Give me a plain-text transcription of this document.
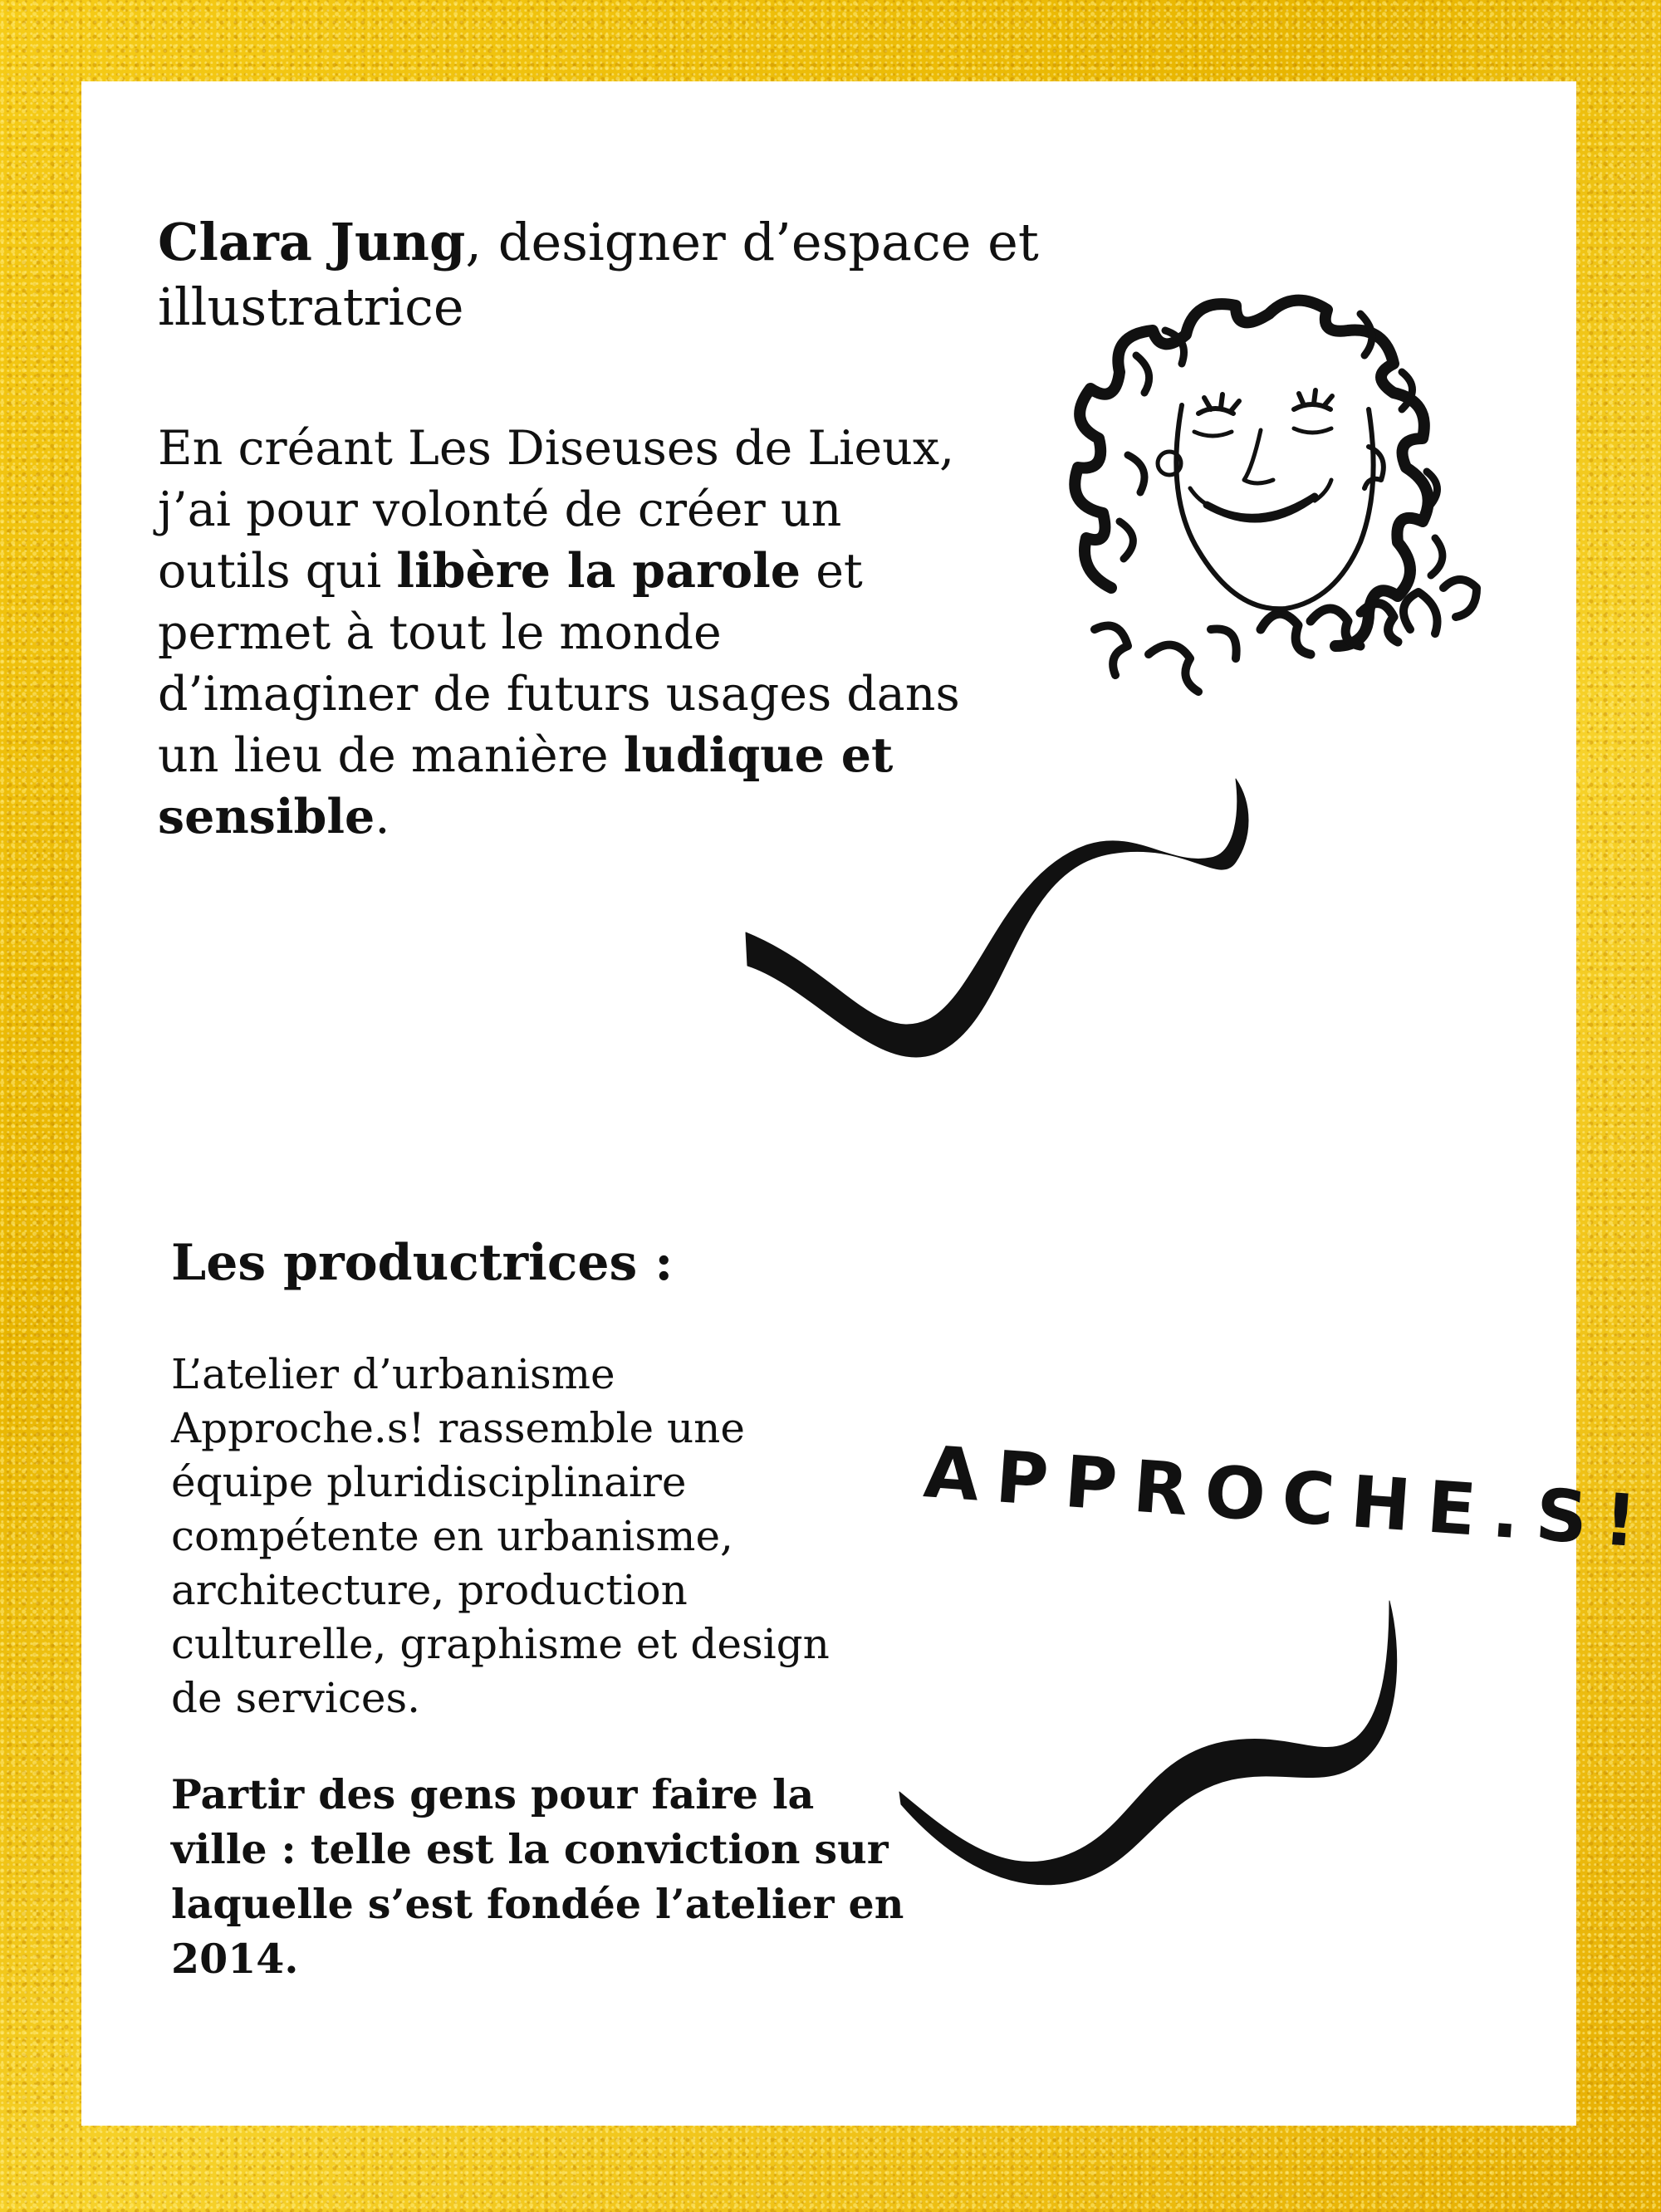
Clara Jung, designer d’espace et illustratrice
En créant Les Diseuses de Lieux, j’ai pour volonté de créer un outils qui libère la parole et permet à tout le monde d’imaginer de futurs usages dans un lieu de manière ludique et sensible.
Les productrices :
L’atelier d’urbanisme Approche.s! rassemble une équipe pluridisciplinaire compétente en urbanisme, architecture, production culturelle, graphisme et design de services.
Partir des gens pour faire la ville : telle est la conviction sur laquelle s’est fondée l’atelier en 2014.
APPROCHE.S!
